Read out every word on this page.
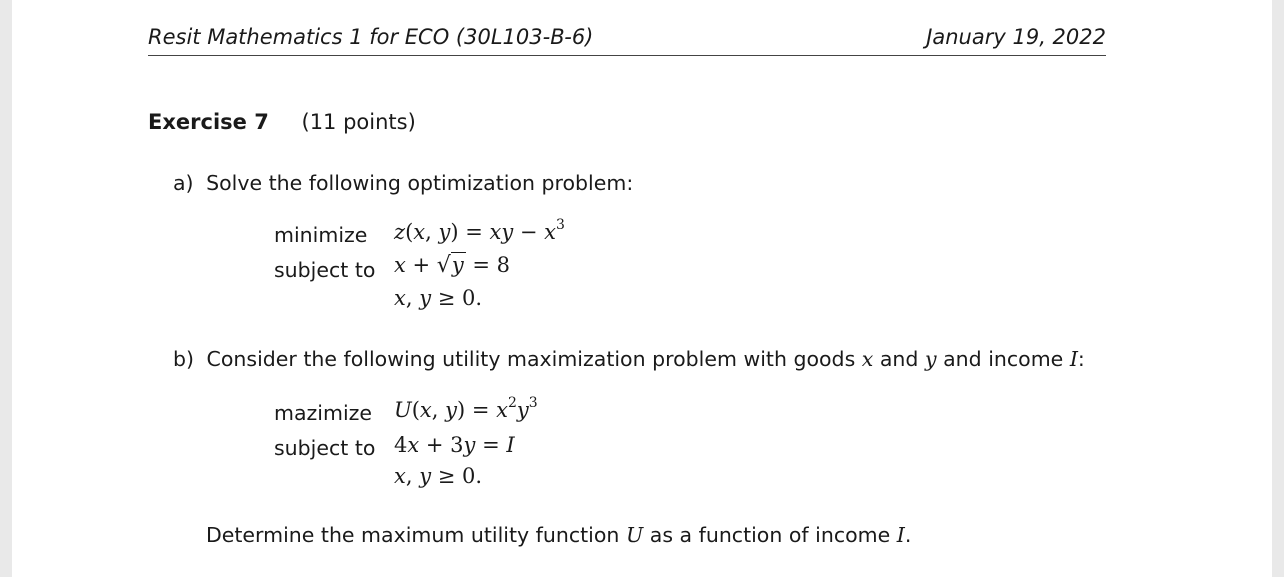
Resit Mathematics 1 for ECO (30L103-B-6)	January 19, 2022
Exercise 7 (11 points)
a) Solve the following optimization problem:
minimize z(x, y) = xy − $x^3$
subject to x + √y = 8
x, y ≥ 0.
b) Consider the following utility maximization problem with goods x and y and income I:
mazimize U(x, $y) = x^2y^3$
subject to 4x + 3y = I
x, y ≥ 0.
Determine the maximum utility function U as a function of income I.
